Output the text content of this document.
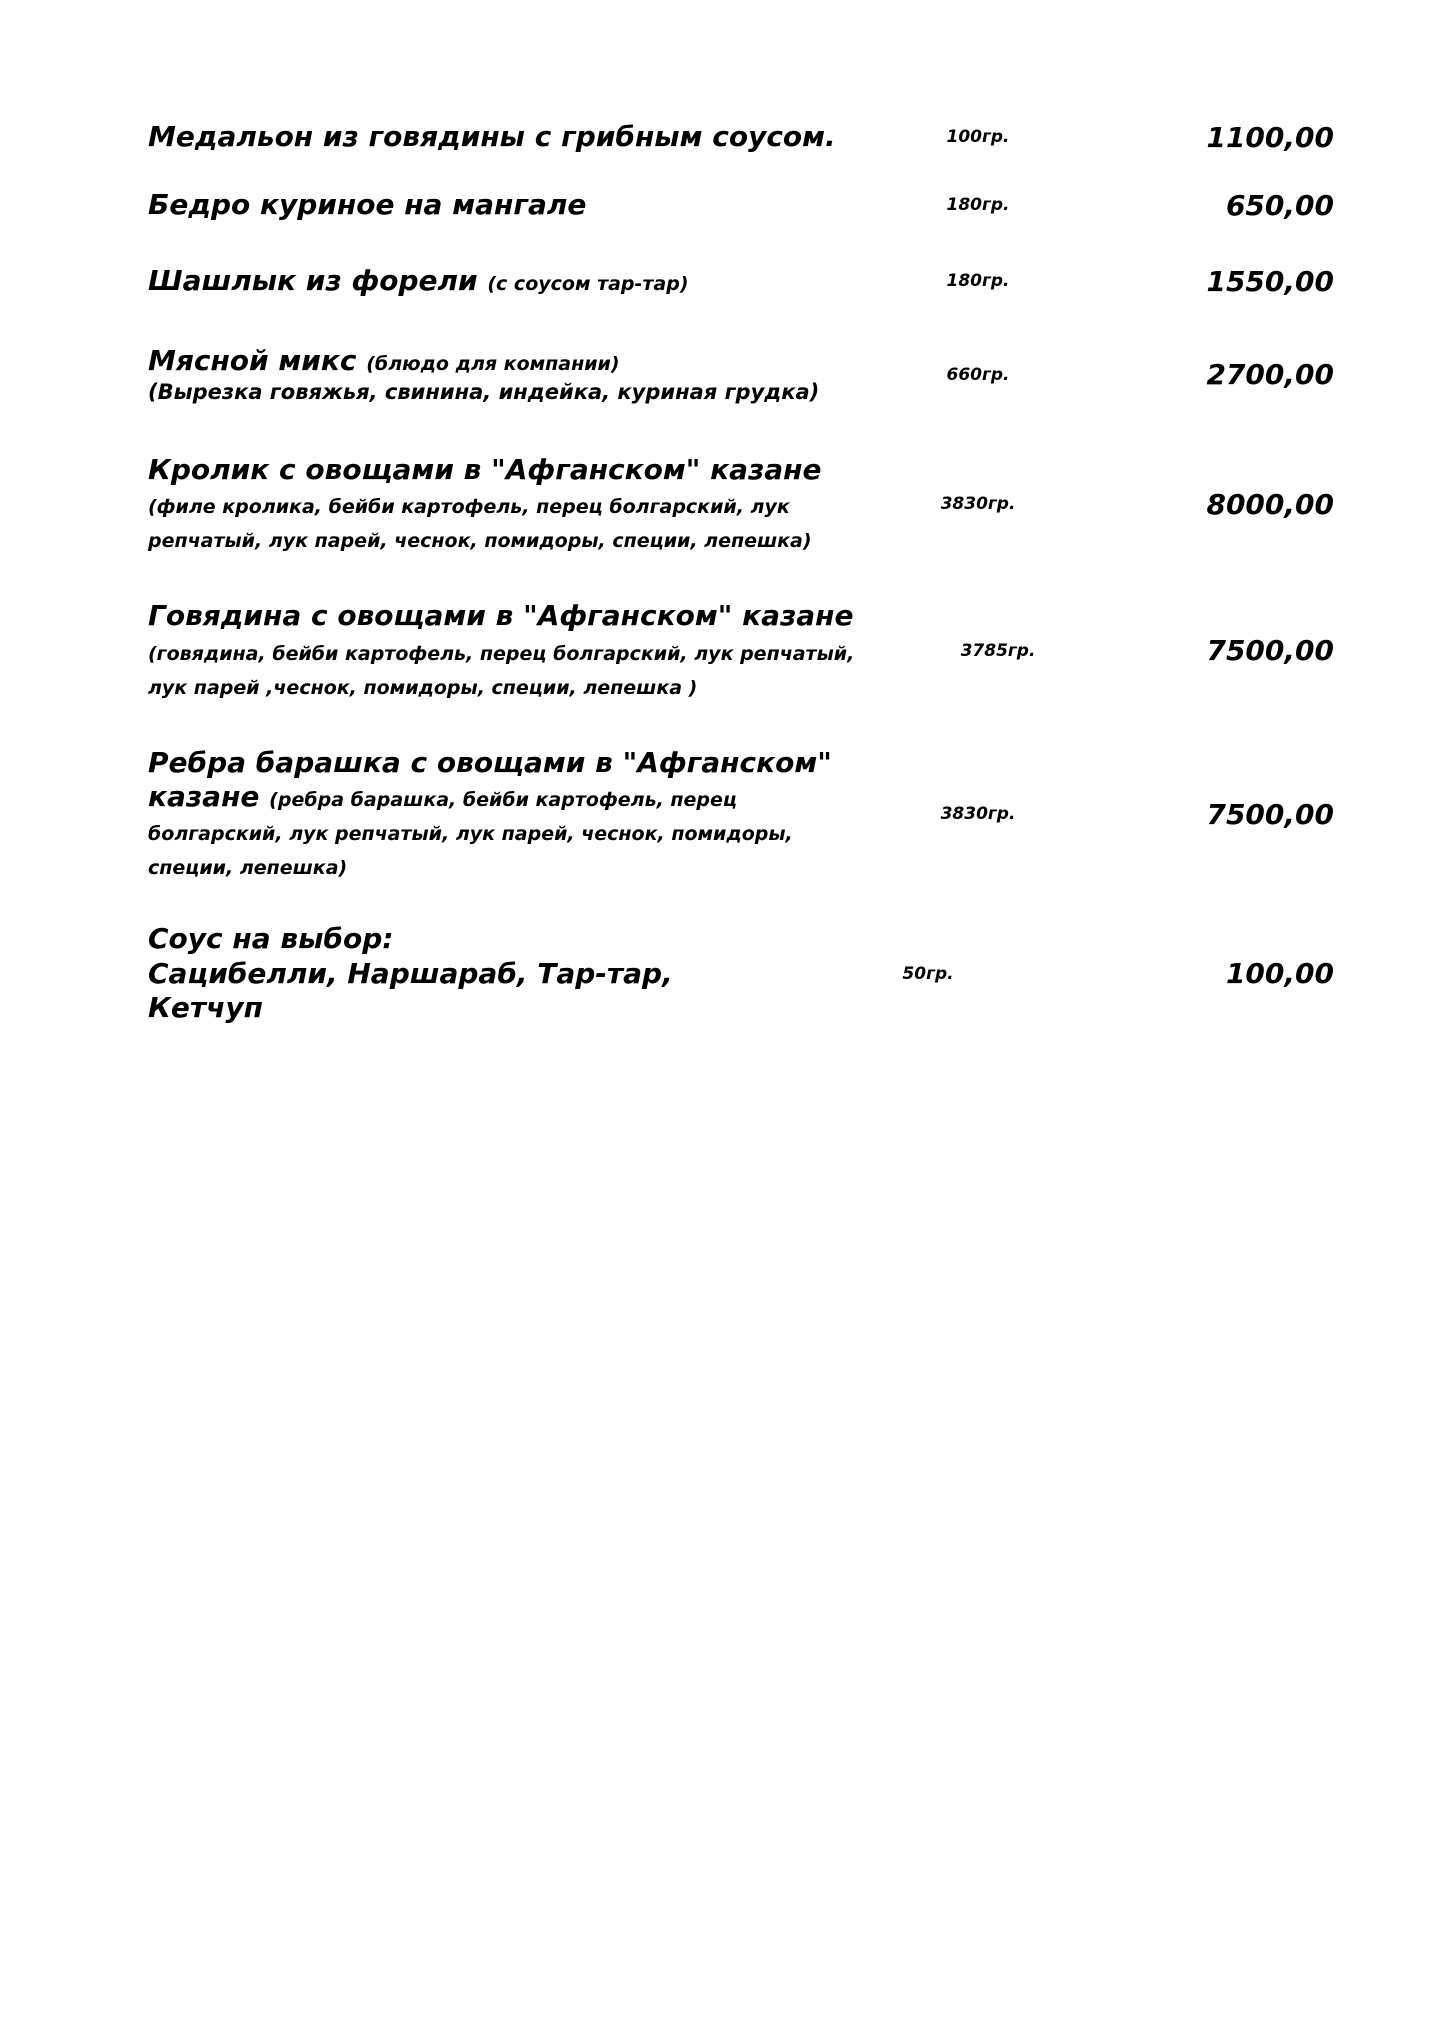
Медальон из говядины с грибным соусом.	100гр.	1100,00
Бедро куриное на мангале	180гр.	650,00
Шашлык из форели (с соусом тар-тар)	180гр.	1550,00
Мясной микс (блюдо для компании)
(Вырезка говяжья, свинина, индейка, куриная грудка)
660гр.	2700,00
Кролик с овощами в "Афганском" казане (филе кролика, бейби картофель, перец болгарский, лук репчатый, лук парей, чеснок, помидоры, специи, лепешка)
3830гр.	8000,00
Говядина с овощами в "Афганском" казане (говядина, бейби картофель, перец болгарский, лук репчатый, лук парей ,чеснок, помидоры, специи, лепешка )
3785гр.	7500,00
Ребра барашка с овощами в "Афганском" казане (ребра барашка, бейби картофель, перец болгарский, лук репчатый, лук парей, чеснок, помидоры, специи, лепешка)
3830гр.	7500,00
Соус на выбор:
Сацибелли, Наршараб, Тар-тар, Кетчуп
50гр.	100,00
